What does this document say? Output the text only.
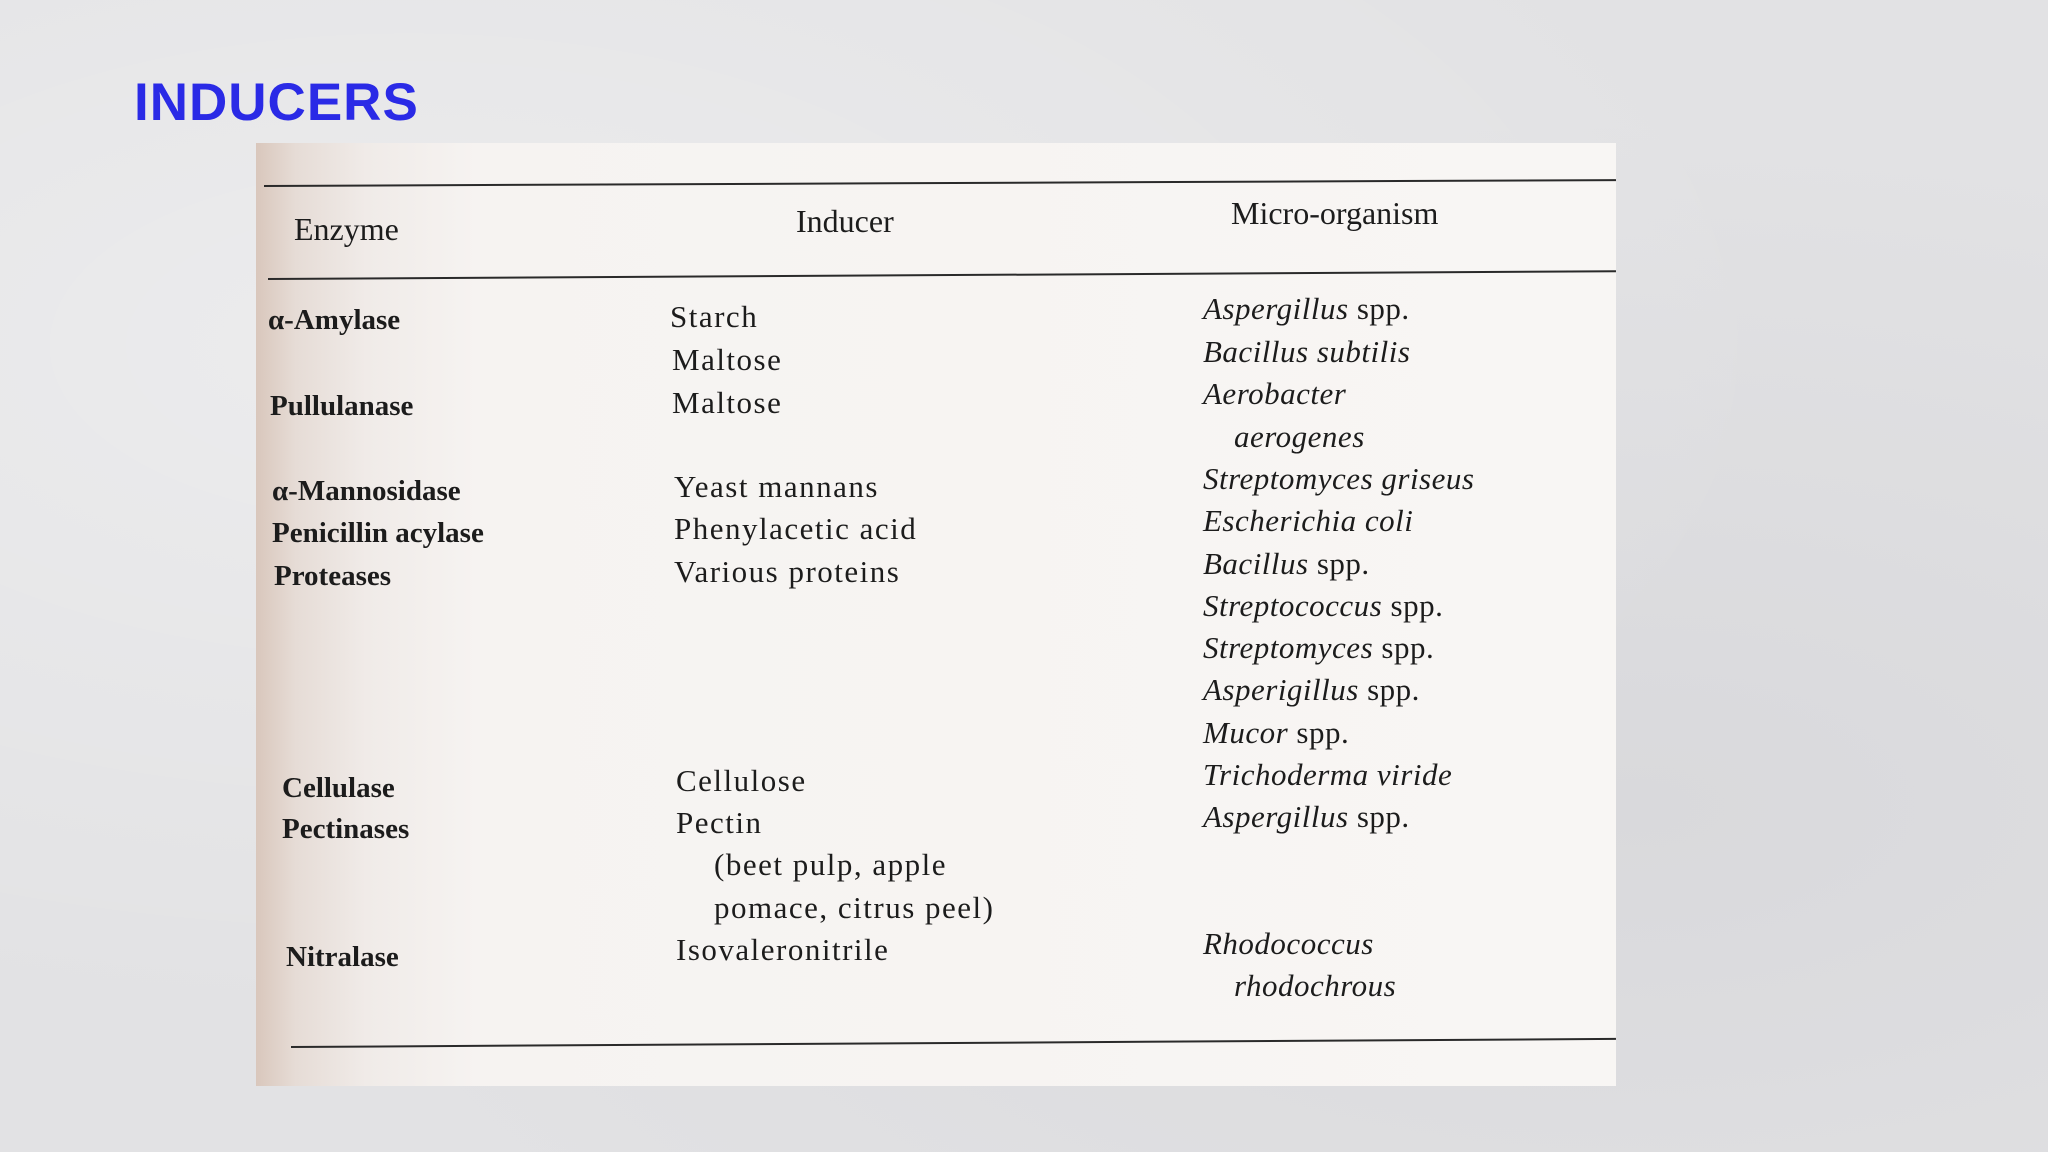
INDUCERS
Enzyme	Inducer	Micro-organism
α-Amylase
Pullulanase
α-Mannosidase
Penicillin acylase
Proteases
Cellulase
Pectinases
Nitralase
Starch
Maltose
Maltose
Yeast mannans
Phenylacetic acid
Various proteins
Cellulose
Pectin
(beet pulp, apple
pomace, citrus peel)
Isovaleronitrile
Aspergillus spp.
Bacillus subtilis
Aerobacter
aerogenes
Streptomyces griseus
Escherichia coli
Bacillus spp.
Streptococcus spp.
Streptomyces spp.
Asperigillus spp.
Mucor spp.
Trichoderma viride
Aspergillus spp.
Rhodococcus
rhodochrous
